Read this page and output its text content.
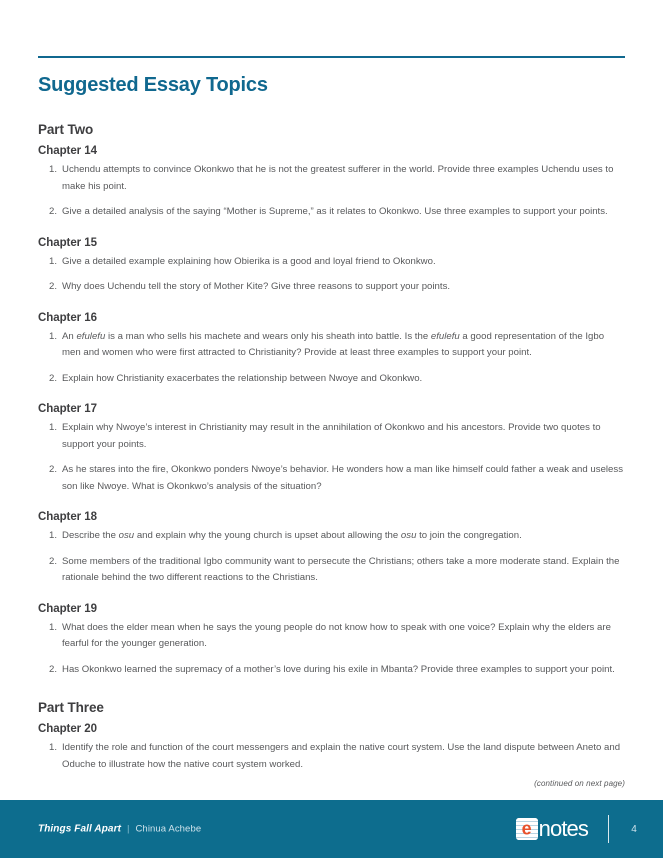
Suggested Essay Topics
Part Two
Chapter 14
1. Uchendu attempts to convince Okonkwo that he is not the greatest sufferer in the world. Provide three examples Uchendu uses to make his point.
2. Give a detailed analysis of the saying “Mother is Supreme,” as it relates to Okonkwo. Use three examples to support your points.
Chapter 15
1. Give a detailed example explaining how Obierika is a good and loyal friend to Okonkwo.
2. Why does Uchendu tell the story of Mother Kite? Give three reasons to support your points.
Chapter 16
1. An efulefu is a man who sells his machete and wears only his sheath into battle. Is the efulefu a good representation of the Igbo men and women who were first attracted to Christianity? Provide at least three examples to support your point.
2. Explain how Christianity exacerbates the relationship between Nwoye and Okonkwo.
Chapter 17
1. Explain why Nwoye’s interest in Christianity may result in the annihilation of Okonkwo and his ancestors. Provide two quotes to support your points.
2. As he stares into the fire, Okonkwo ponders Nwoye’s behavior. He wonders how a man like himself could father a weak and useless son like Nwoye. What is Okonkwo’s analysis of the situation?
Chapter 18
1. Describe the osu and explain why the young church is upset about allowing the osu to join the congregation.
2. Some members of the traditional Igbo community want to persecute the Christians; others take a more moderate stand. Explain the rationale behind the two different reactions to the Christians.
Chapter 19
1. What does the elder mean when he says the young people do not know how to speak with one voice? Explain why the elders are fearful for the younger generation.
2. Has Okonkwo learned the supremacy of a mother’s love during his exile in Mbanta? Provide three examples to support your point.
Part Three
Chapter 20
1. Identify the role and function of the court messengers and explain the native court system. Use the land dispute between Aneto and Oduche to illustrate how the native court system worked.
(continued on next page)
Things Fall Apart | Chinua Achebe	e notes	4
